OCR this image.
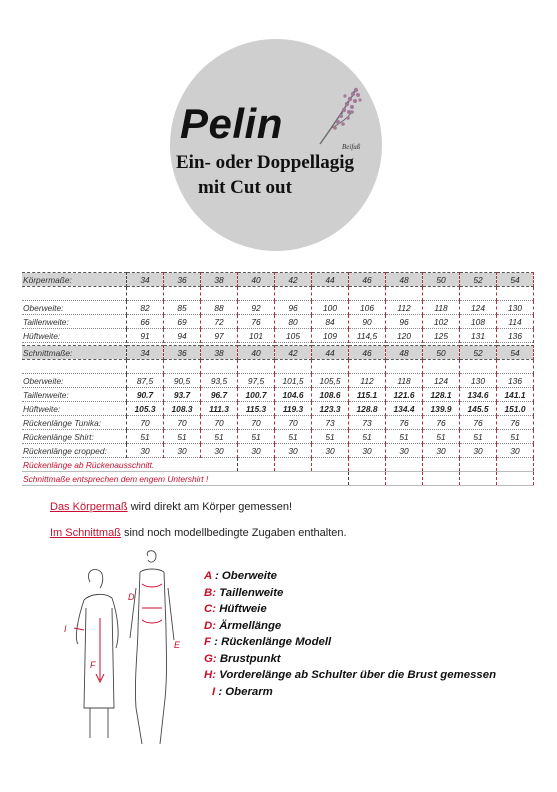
Pelin	Beifuß
Ein- oder Doppellagig
mit Cut out
Körpermaße:	34	36	38	40	42	44	46	48	50	52	54

Oberweite:	82	85	88	92	96	100	106	112	118	124	130
Taillenweite:	66	69	72	76	80	84	90	96	102	108	114
Hüftweite:	91	94	97	101	105	109	114,5	120	125	131	136
Schnittmaße:	34	36	38	40	42	44	46	48	50	52	54

Oberweite:	87,5	90,5	93,5	97,5	101,5	105,5	112	118	124	130	136
Taillenweite:	90.7	93.7	96.7	100.7	104.6	108.6	115.1	121.6	128.1	134.6	141.1
Hüftweite:	105.3	108.3	111.3	115.3	119.3	123.3	128.8	134.4	139.9	145.5	151.0
Rückenlänge Tunika:	70	70	70	70	70	73	73	76	76	76	76
Rückenlänge Shirt:	51	51	51	51	51	51	51	51	51	51	51
Rückenlänge cropped:	30	30	30	30	30	30	30	30	30	30	30
Rückenlänge ab Rückenausschnitt.											
Schnittmaße entsprechen dem engem Untershirt !											
Das Körpermaß wird direkt am Körper gemessen!
Im Schnittmaß sind noch modellbedingte Zugaben enthalten.
F
I
D
E
A : Oberweite
B: Taillenweite
C: Hüftweie
D: Ärmellänge
F : Rückenlänge Modell
G: Brustpunkt
H: Vorderelänge ab Schulter über die Brust gemessen
I : Oberarm
